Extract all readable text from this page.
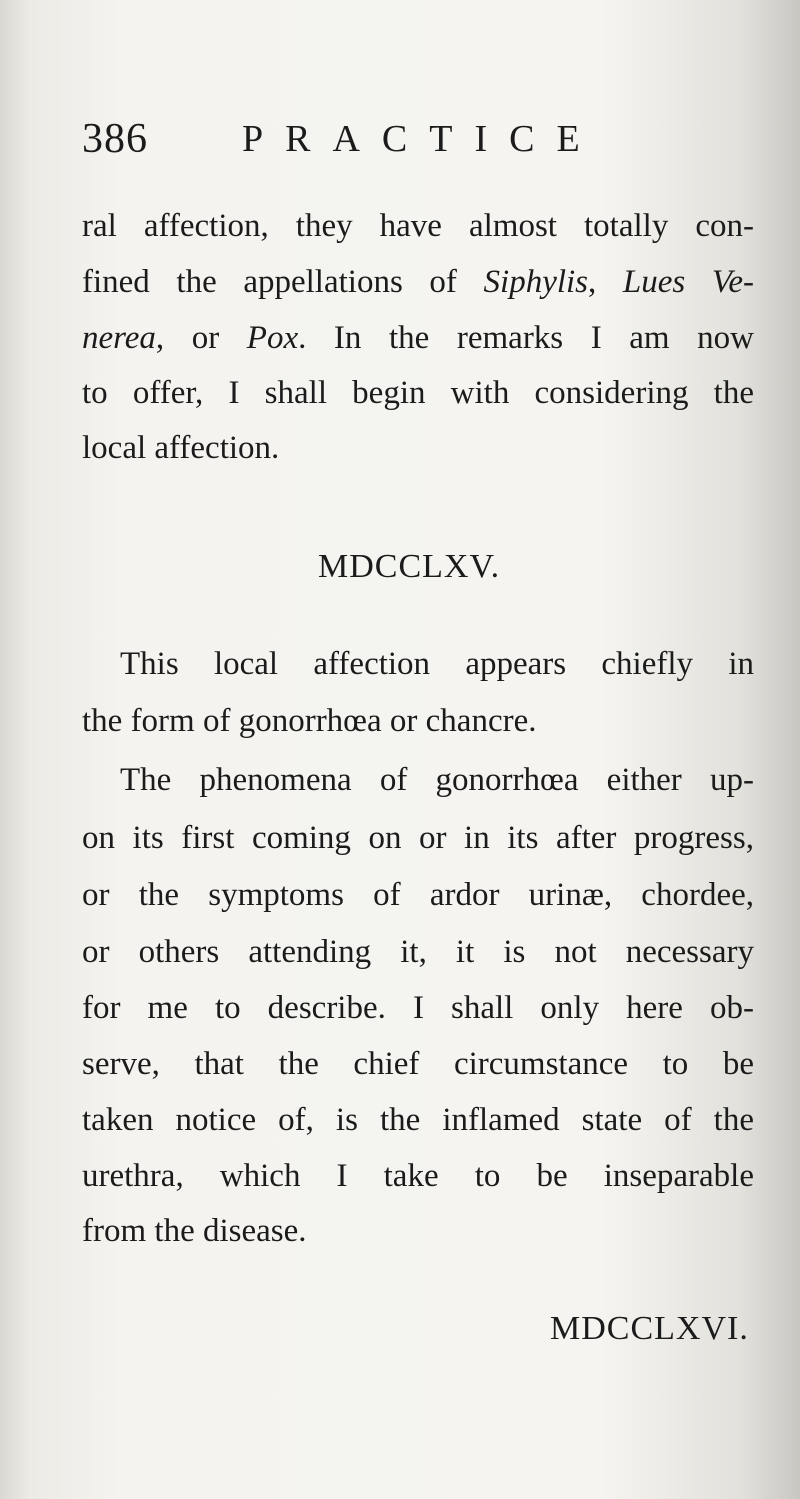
386 PRACTICE
ral affection, they have almost totally con-
fined the appellations of Siphylis, Lues Ve-
nerea, or Pox. In the remarks I am now
to offer, I shall begin with considering the
local affection.
MDCCLXV.
This local affection appears chiefly in
the form of gonorrhœa or chancre.
The phenomena of gonorrhœa either up-
on its first coming on or in its after progress,
or the symptoms of ardor urinæ, chordee,
or others attending it, it is not necessary
for me to describe. I shall only here ob-
serve, that the chief circumstance to be
taken notice of, is the inflamed state of the
urethra, which I take to be inseparable
from the disease.
MDCCLXVI.
